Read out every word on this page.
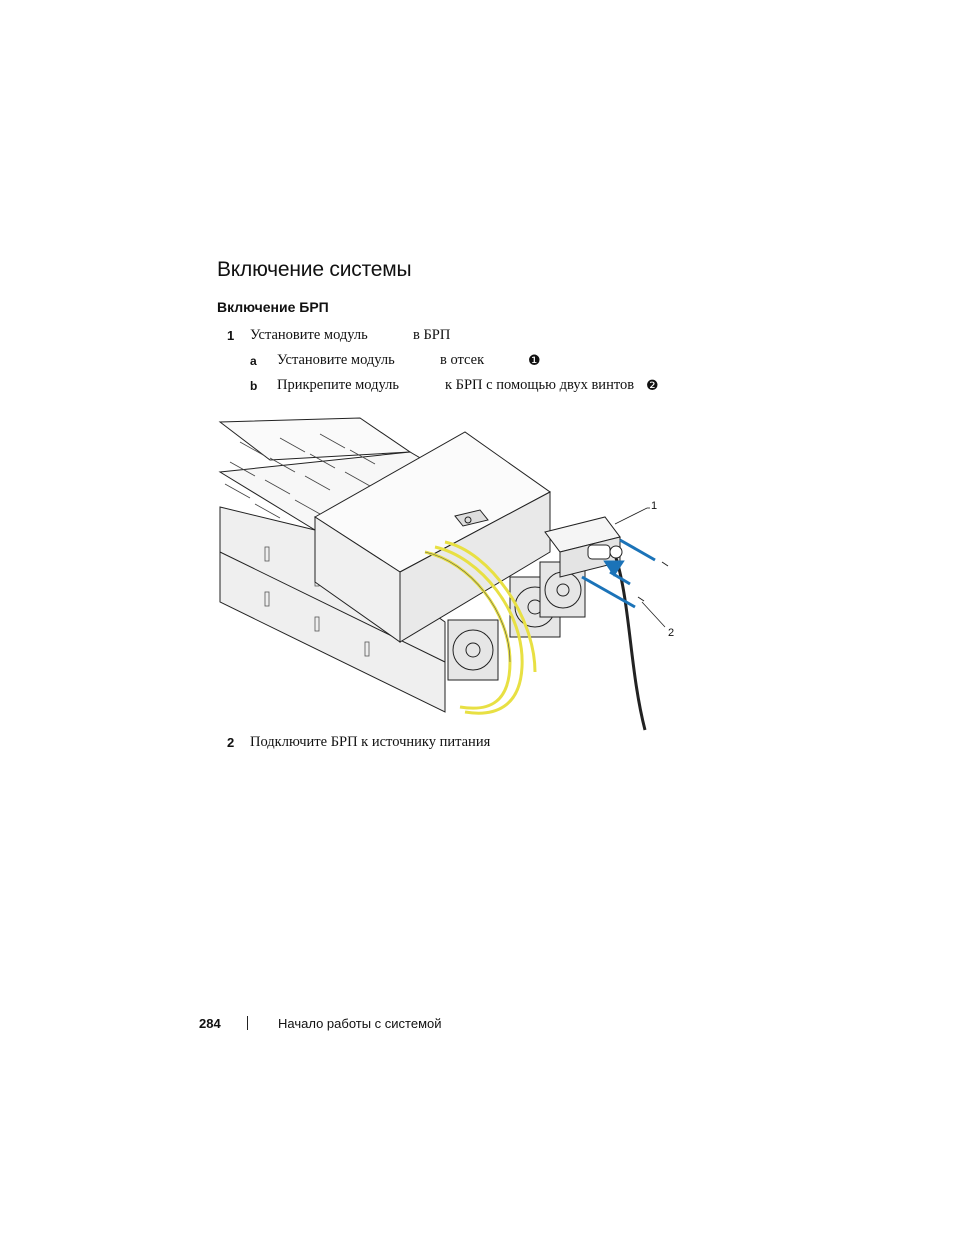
Включение системы
Включение БРП
1 Установите модуль	в БРП
a Установите модуль	в отсек	❶
b Прикрепите модуль	к БРП с помощью двух винтов ❷
1
2
2 Подключите БРП к источнику питания
284	Начало работы с системой
